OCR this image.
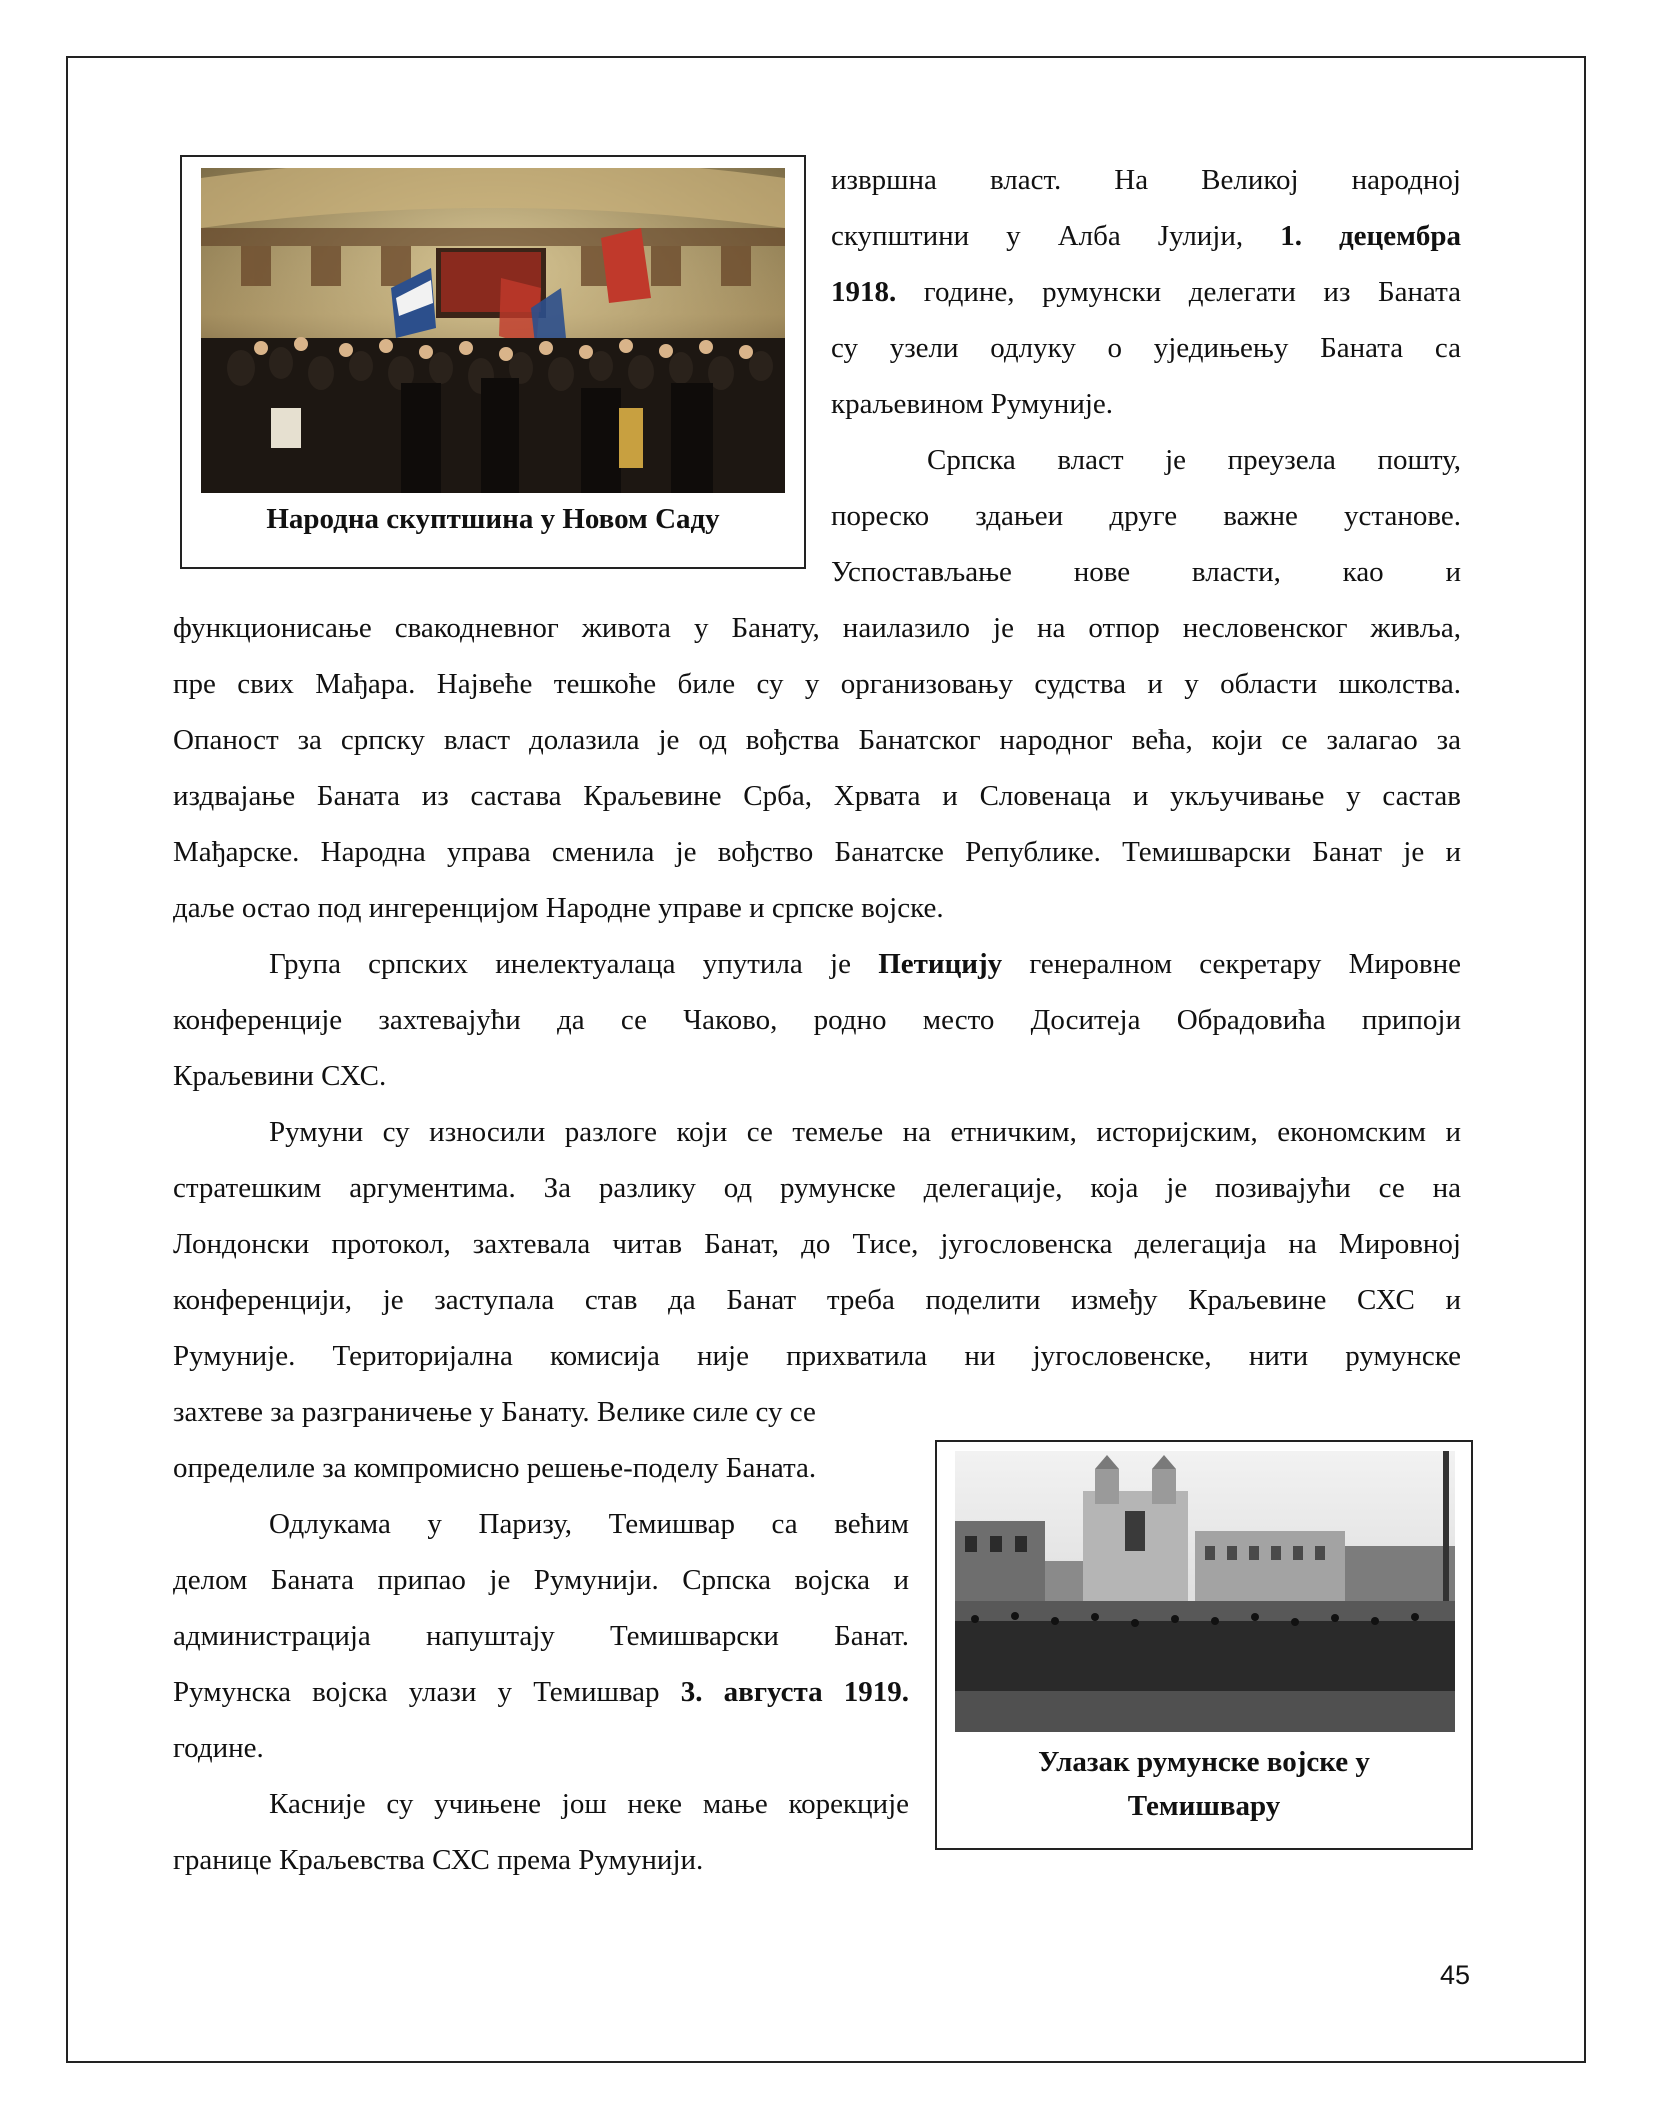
Народна скуптшина у Новом Саду
извршна власт. На Великој народној
скупштини у Алба Јулији, 1. децембра
1918. године, румунски делегати из Баната
су узели одлуку о уједињењу Баната са
краљевином Румуније.
Српска власт је преузела пошту,
пореско здањеи друге важне установе.
Успостављање нове власти, као и
функционисање свакодневног живота у Банату, наилазило је на отпор несловенског живља,
пре свих Мађара. Највеће тешкоће биле су у организовању судства и у области школства.
Опаност за српску власт долазила је од вођства Банатског народног већа, који се залагао за
издвајање Баната из састава Краљевине Срба, Хрвата и Словенаца и укључивање у састав
Мађарске. Народна управа сменила је вођство Банатске Републике. Темишварски Банат је и
даље остао под ингеренцијом Народне управе и српске војске.
Група српских инелектуалаца упутила је Петицију генералном секретару Мировне
конференције захтевајући да се Чаково, родно место Доситеја Обрадовића припоји
Краљевини СХС.
Румуни су износили разлоге који се темеље на етничким, историјским, економским и
стратешким аргументима. За разлику од румунске делегације, која је позивајући се на
Лондонски протокол, захтевала читав Банат, до Тисе, југословенска делегација на Мировној
конференцији, је заступала став да Банат треба поделити између Краљевине СХС и
Румуније. Територијална комисија није прихватила ни југословенске, нити румунске
захтеве за разграничење у Банату. Велике силе су се
определиле за компромисно решење-поделу Баната.
Одлукама у Паризу, Темишвар са већим
делом Баната припао је Румунији. Српска војска и
администрација напуштају Темишварски Банат.
Румунска војска улази у Темишвар 3. августа 1919.
године.
Касније су учињене још неке мање корекције
границе Краљевства СХС према Румунији.
Улазак румунске војске у
Темишвару
45
